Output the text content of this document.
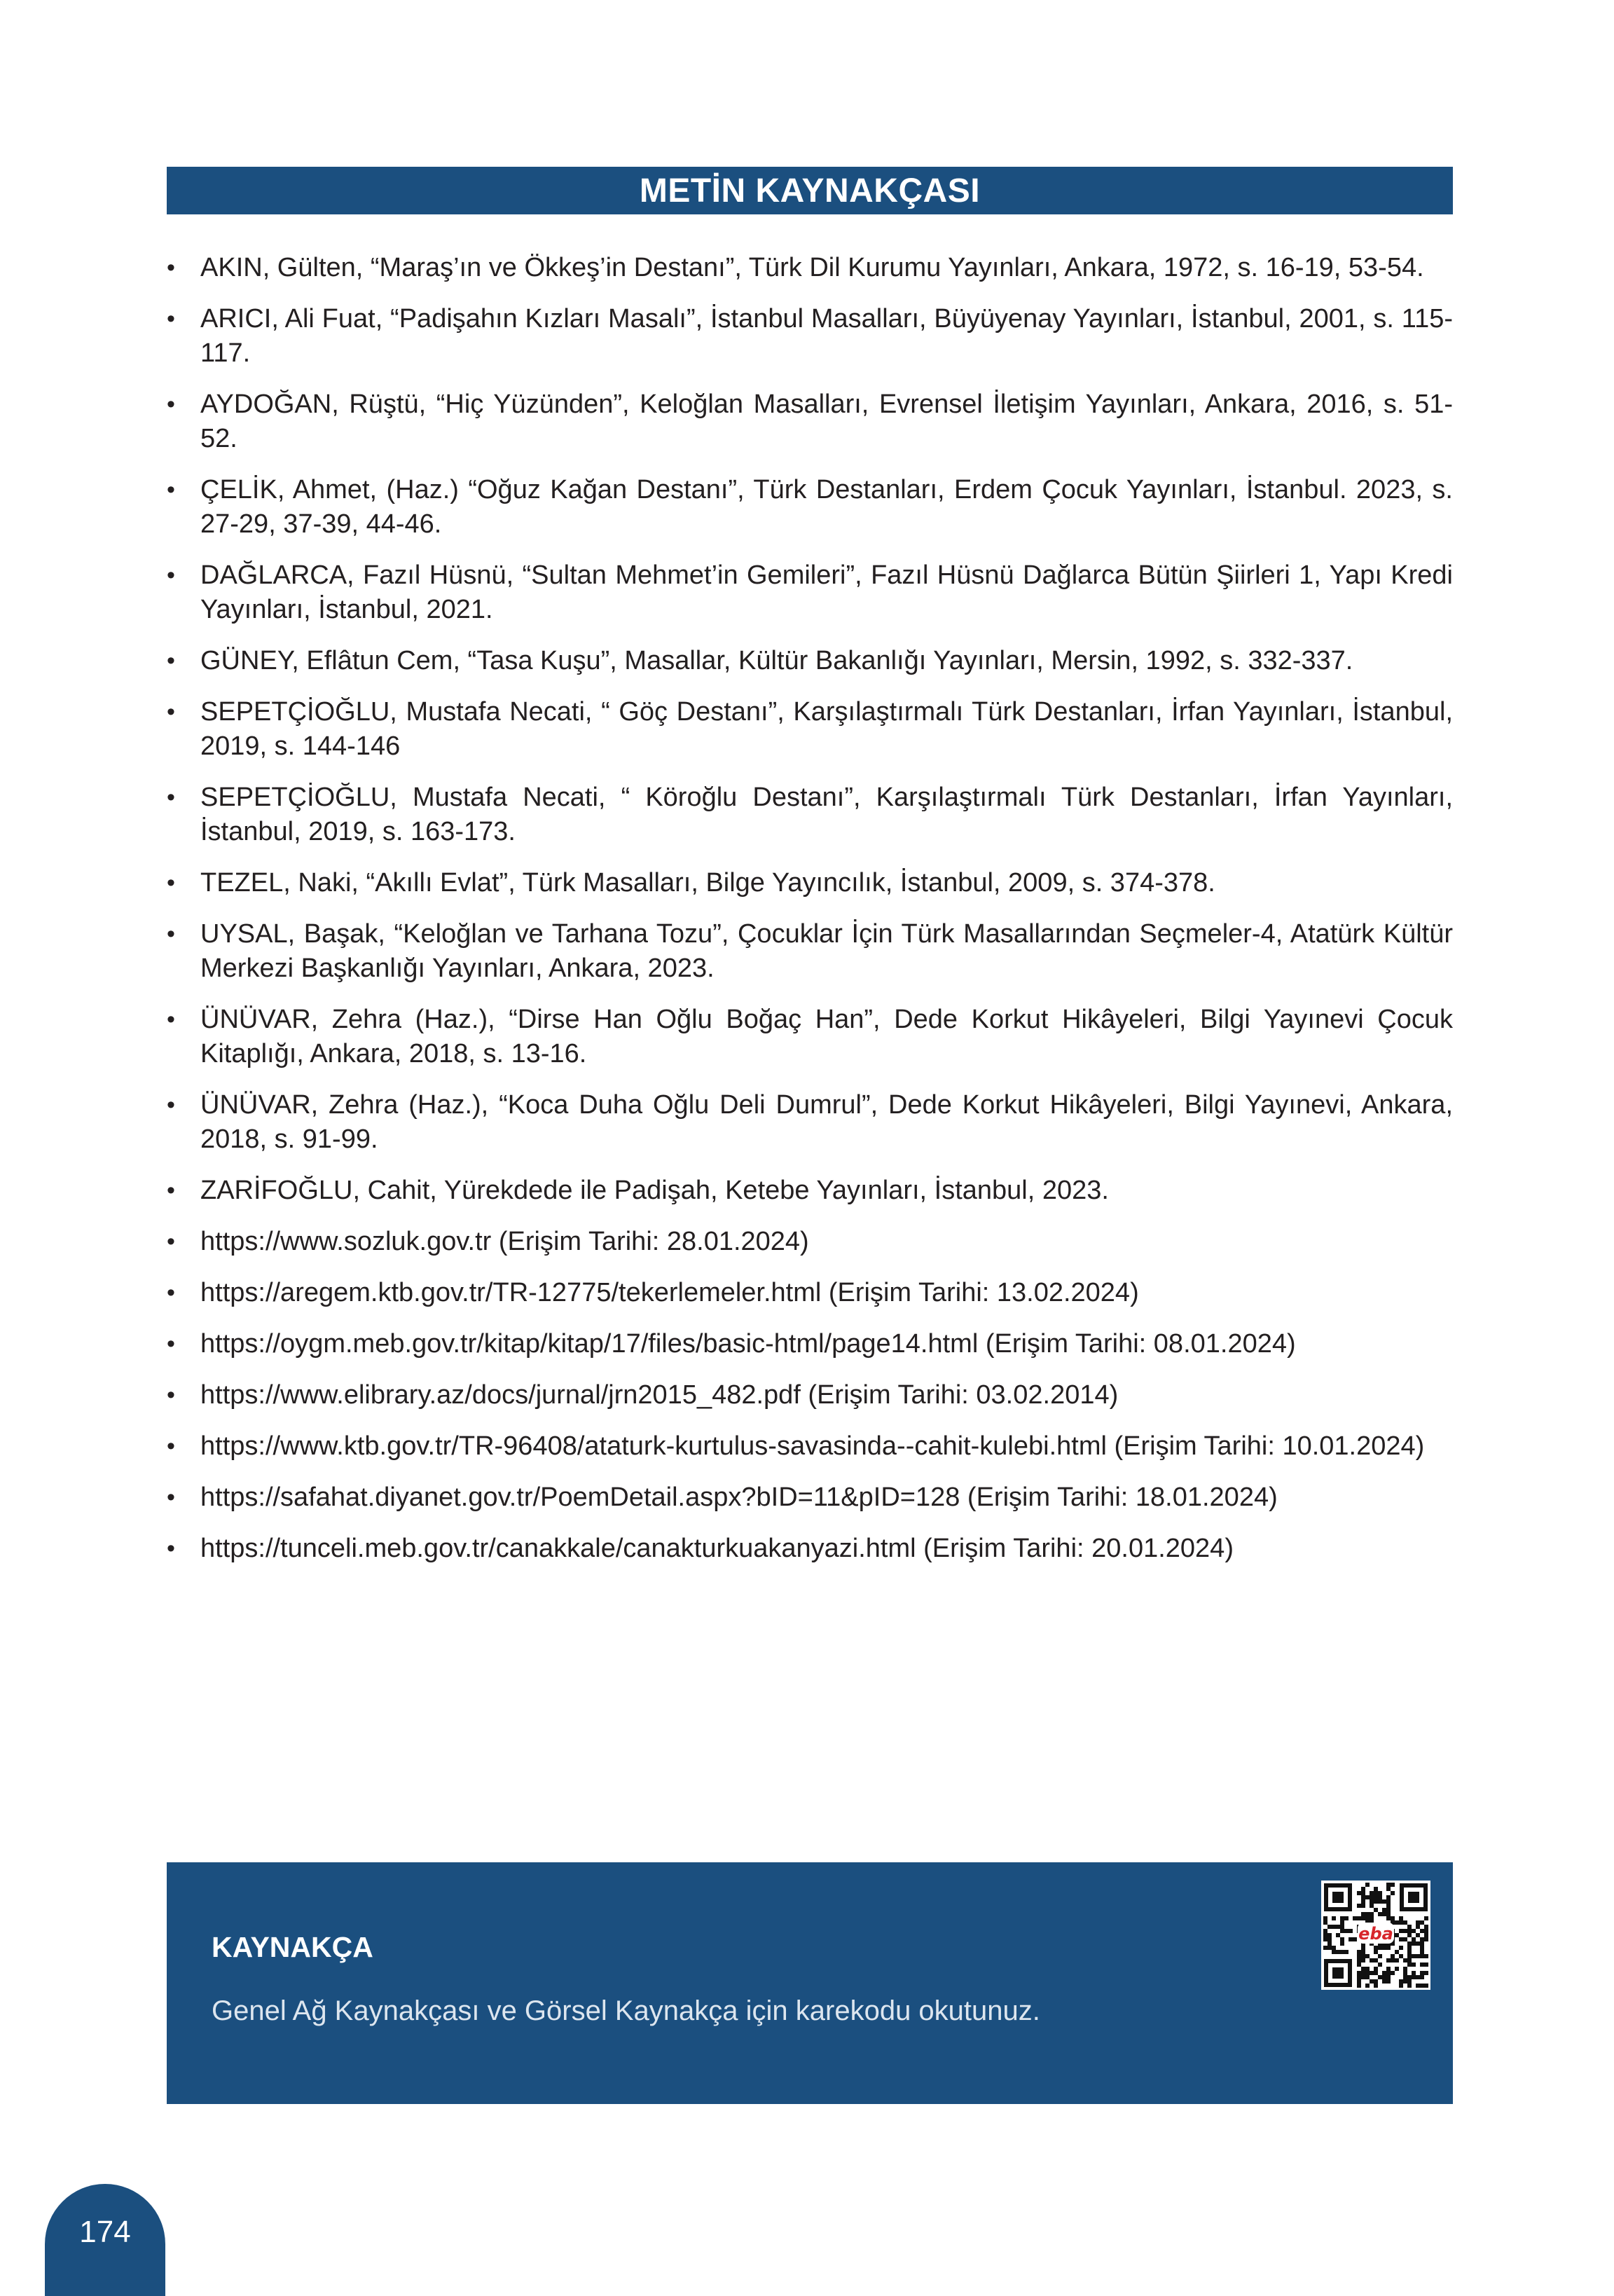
METİN KAYNAKÇASI
• AKIN, Gülten, “Maraş’ın ve Ökkeş’in Destanı”, Türk Dil Kurumu Yayınları, Ankara, 1972, s. 16-19, 53-54.
• ARICI, Ali Fuat, “Padişahın Kızları Masalı”, İstanbul Masalları, Büyüyenay Yayınları, İstanbul, 2001, s. 115-117.
• AYDOĞAN, Rüştü, “Hiç Yüzünden”, Keloğlan Masalları, Evrensel İletişim Yayınları, Ankara, 2016, s. 51-52.
• ÇELİK, Ahmet, (Haz.) “Oğuz Kağan Destanı”, Türk Destanları, Erdem Çocuk Yayınları, İstanbul. 2023, s. 27-29, 37-39, 44-46.
• DAĞLARCA, Fazıl Hüsnü, “Sultan Mehmet’in Gemileri”, Fazıl Hüsnü Dağlarca Bütün Şiirleri 1, Yapı Kredi Yayınları, İstanbul, 2021.
• GÜNEY, Eflâtun Cem, “Tasa Kuşu”, Masallar, Kültür Bakanlığı Yayınları, Mersin, 1992, s. 332-337.
• SEPETÇİOĞLU, Mustafa Necati, “ Göç Destanı”, Karşılaştırmalı Türk Destanları, İrfan Yayınları, İstanbul, 2019, s. 144-146
• SEPETÇİOĞLU, Mustafa Necati, “ Köroğlu Destanı”, Karşılaştırmalı Türk Destanları, İrfan Yayınları, İstanbul, 2019, s. 163-173.
• TEZEL, Naki, “Akıllı Evlat”, Türk Masalları, Bilge Yayıncılık, İstanbul, 2009, s. 374-378.
• UYSAL, Başak, “Keloğlan ve Tarhana Tozu”, Çocuklar İçin Türk Masallarından Seçmeler-4, Atatürk Kültür Merkezi Başkanlığı Yayınları, Ankara, 2023.
• ÜNÜVAR, Zehra (Haz.), “Dirse Han Oğlu Boğaç Han”, Dede Korkut Hikâyeleri, Bilgi Yayınevi Çocuk Kitaplığı, Ankara, 2018, s. 13-16.
• ÜNÜVAR, Zehra (Haz.), “Koca Duha Oğlu Deli Dumrul”, Dede Korkut Hikâyeleri, Bilgi Yayınevi, Ankara, 2018, s. 91-99.
• ZARİFOĞLU, Cahit, Yürekdede ile Padişah, Ketebe Yayınları, İstanbul, 2023.
• https://www.sozluk.gov.tr (Erişim Tarihi: 28.01.2024)
• https://aregem.ktb.gov.tr/TR-12775/tekerlemeler.html (Erişim Tarihi: 13.02.2024)
• https://oygm.meb.gov.tr/kitap/kitap/17/files/basic-html/page14.html (Erişim Tarihi: 08.01.2024)
• https://www.elibrary.az/docs/jurnal/jrn2015_482.pdf (Erişim Tarihi: 03.02.2014)
• https://www.ktb.gov.tr/TR-96408/ataturk-kurtulus-savasinda--cahit-kulebi.html (Erişim Tarihi: 10.01.2024)
• https://safahat.diyanet.gov.tr/PoemDetail.aspx?bID=11&pID=128 (Erişim Tarihi: 18.01.2024)
• https://tunceli.meb.gov.tr/canakkale/canakturkuakanyazi.html (Erişim Tarihi: 20.01.2024)
KAYNAKÇA
Genel Ağ Kaynakçası ve Görsel Kaynakça için karekodu okutunuz.
eba
174
